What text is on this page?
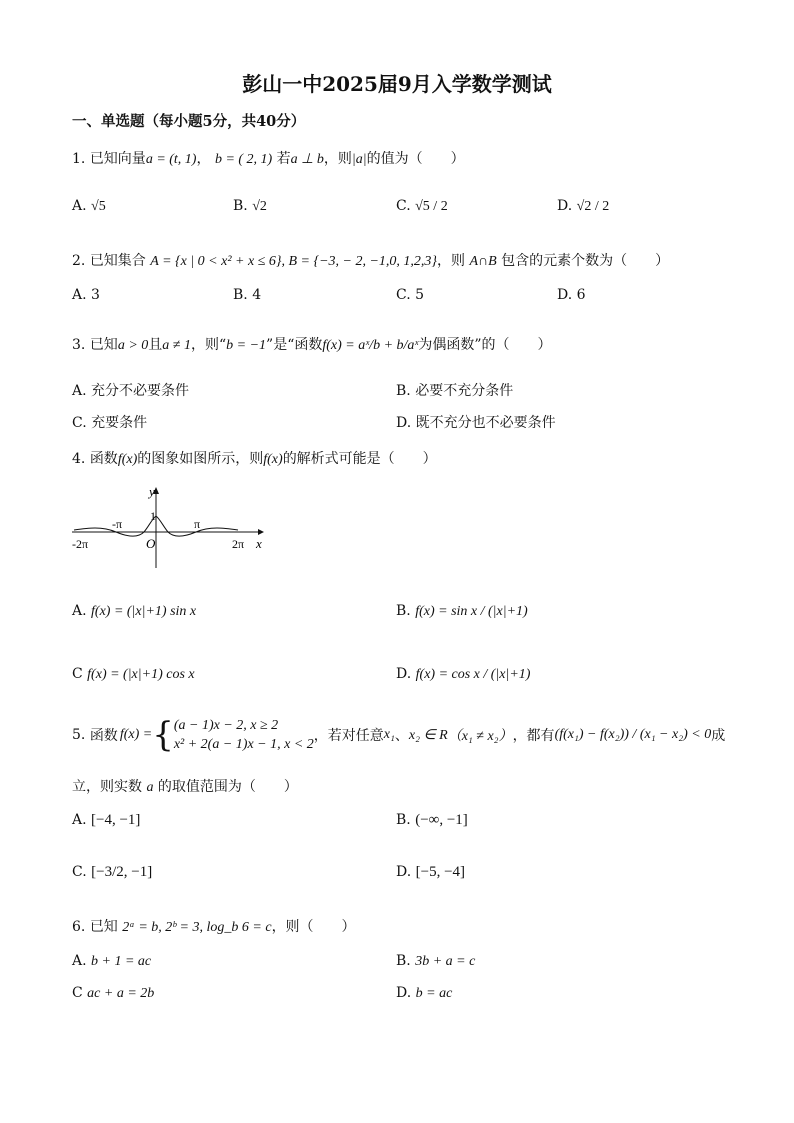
彭山一中2025届9月入学数学测试
一、单选题（每小题5分，共40分）
1. 已知向量a = (t, 1)， b = ( 2, 1) 若a ⊥ b，则|a|的值为（　　）
A. √5	B. √2	C. √5 / 2	D. √2 / 2
2. 已知集合 A = {x | 0 < x² + x ≤ 6}, B = {−3, − 2, −1,0, 1,2,3}，则 A∩B 包含的元素个数为（　　）
A. 3	B. 4	C. 5	D. 6
3. 已知a > 0且a ≠ 1，则“b = −1”是“函数f(x) = aˣ/b + b/aˣ为偶函数”的（　　）
A. 充分不必要条件	B. 必要不充分条件
C. 充要条件	D. 既不充分也不必要条件
4. 函数f(x)的图象如图所示，则f(x)的解析式可能是（　　）
y
x
1
O
-π	π
-2π	2π
A. f(x) = (|x|+1) sin x	B. f(x) = sin x / (|x|+1)
C f(x) = (|x|+1) cos x	D. f(x) = cos x / (|x|+1)
5.
函数 f(x) = { (a − 1)x − 2, x ≥ 2
x² + 2(a − 1)x − 1, x < 2
，若对任意 x₁ 、 x₂ ∈ R （x₁ ≠ x₂） ，都有 (f(x₁) − f(x₂)) / (x₁ − x₂) < 0 成
立，则实数 a 的取值范围为（　　）
A. [−4, −1]	B. (−∞, −1]
C. [−3/2, −1]	D. [−5, −4]
6. 已知 2ᵃ = b, 2ᵇ = 3, log_b 6 = c，则（　　）
A. b + 1 = ac	B. 3b + a = c
C ac + a = 2b	D. b = ac
